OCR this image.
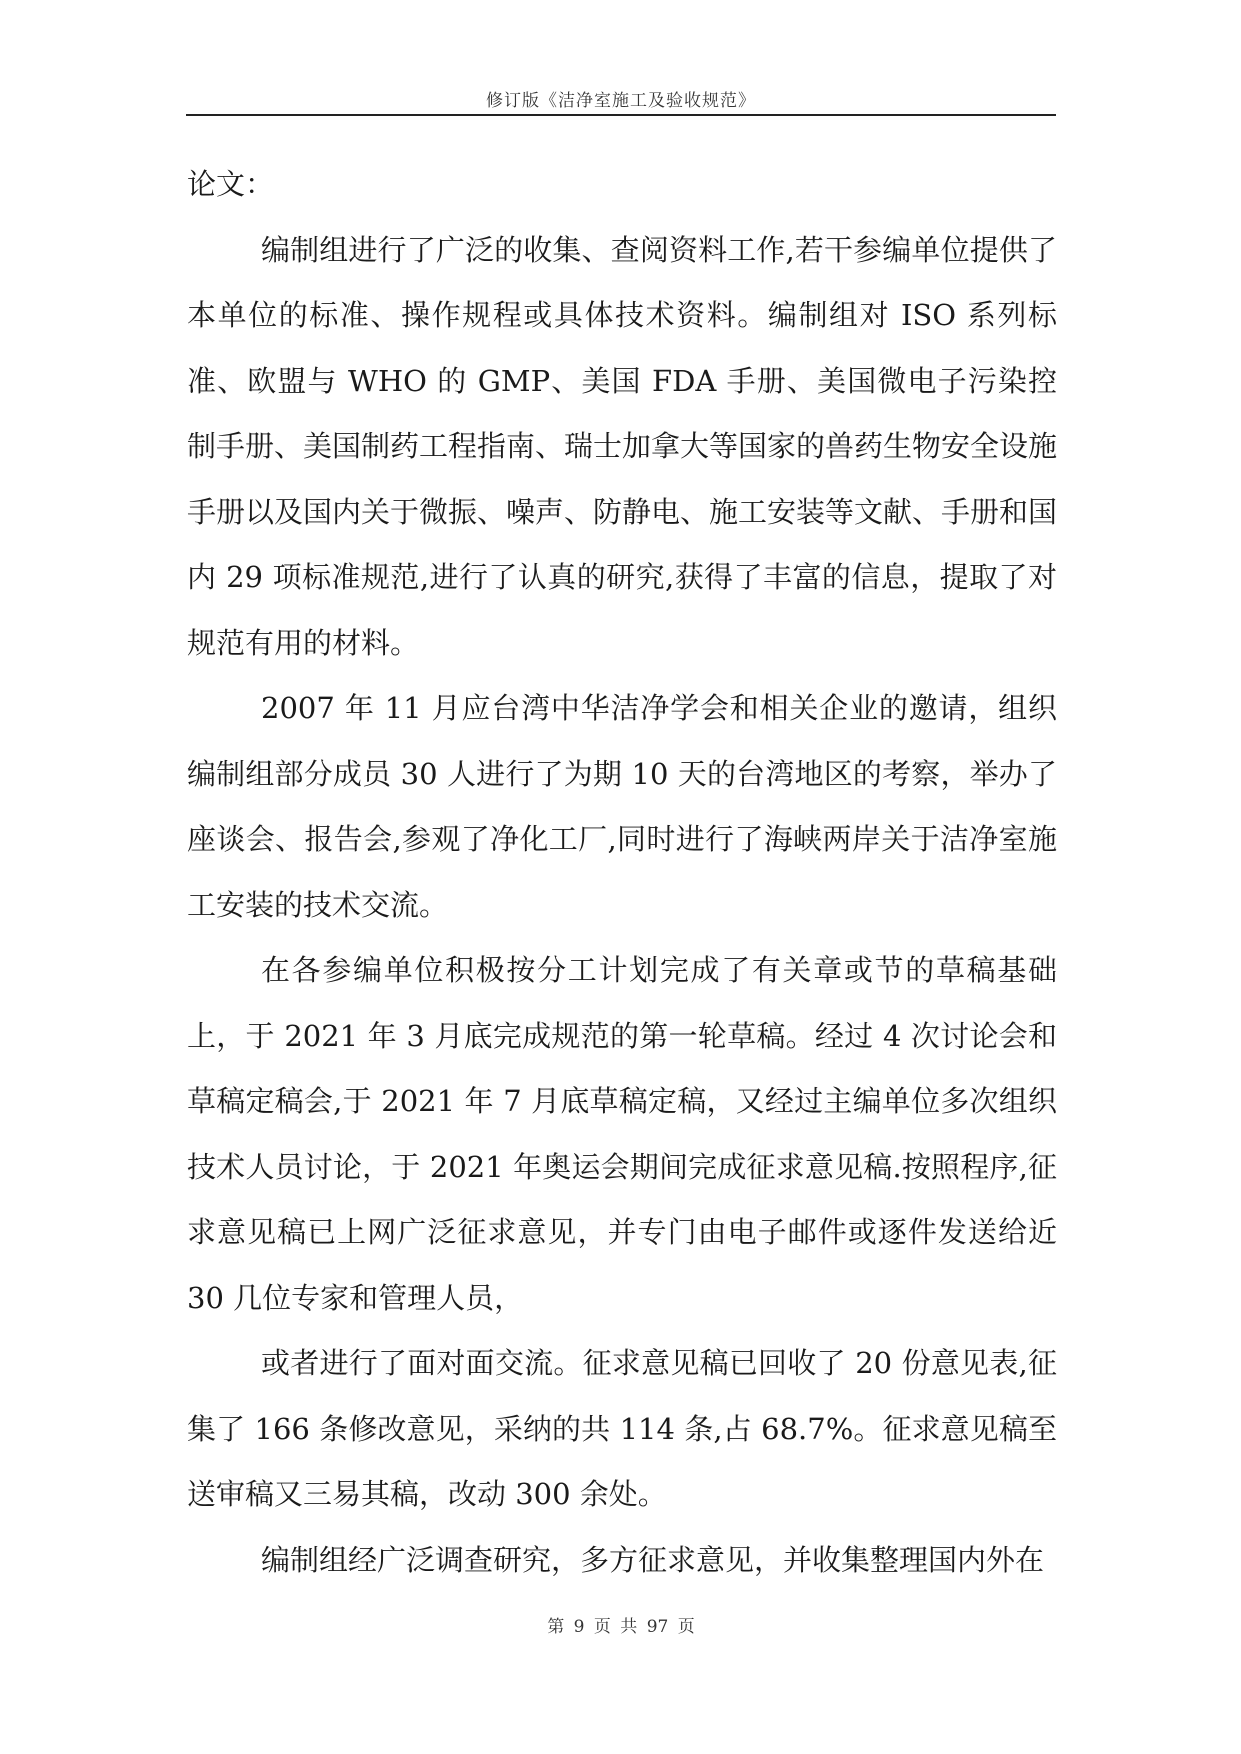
修订版《洁净室施工及验收规范》

论文：

编制组进行了广泛的收集、查阅资料工作,若干参编单位提供了本单位的标准、操作规程或具体技术资料。编制组对 ISO 系列标准、欧盟与 WHO 的 GMP、美国 FDA 手册、美国微电子污染控制手册、美国制药工程指南、瑞士加拿大等国家的兽药生物安全设施手册以及国内关于微振、噪声、防静电、施工安装等文献、手册和国内 29 项标准规范,进行了认真的研究,获得了丰富的信息，提取了对规范有用的材料。

2007 年 11 月应台湾中华洁净学会和相关企业的邀请，组织编制组部分成员 30 人进行了为期 10 天的台湾地区的考察，举办了座谈会、报告会,参观了净化工厂,同时进行了海峡两岸关于洁净室施工安装的技术交流。

在各参编单位积极按分工计划完成了有关章或节的草稿基础上，于 2021 年 3 月底完成规范的第一轮草稿。经过 4 次讨论会和草稿定稿会,于 2021 年 7 月底草稿定稿，又经过主编单位多次组织技术人员讨论，于 2021 年奥运会期间完成征求意见稿.按照程序,征求意见稿已上网广泛征求意见，并专门由电子邮件或逐件发送给近 30 几位专家和管理人员，

或者进行了面对面交流。征求意见稿已回收了 20 份意见表,征集了 166 条修改意见，采纳的共 114 条,占 68.7%。征求意见稿至送审稿又三易其稿，改动 300 余处。

编制组经广泛调查研究，多方征求意见，并收集整理国内外在

第 9 页 共 97 页
